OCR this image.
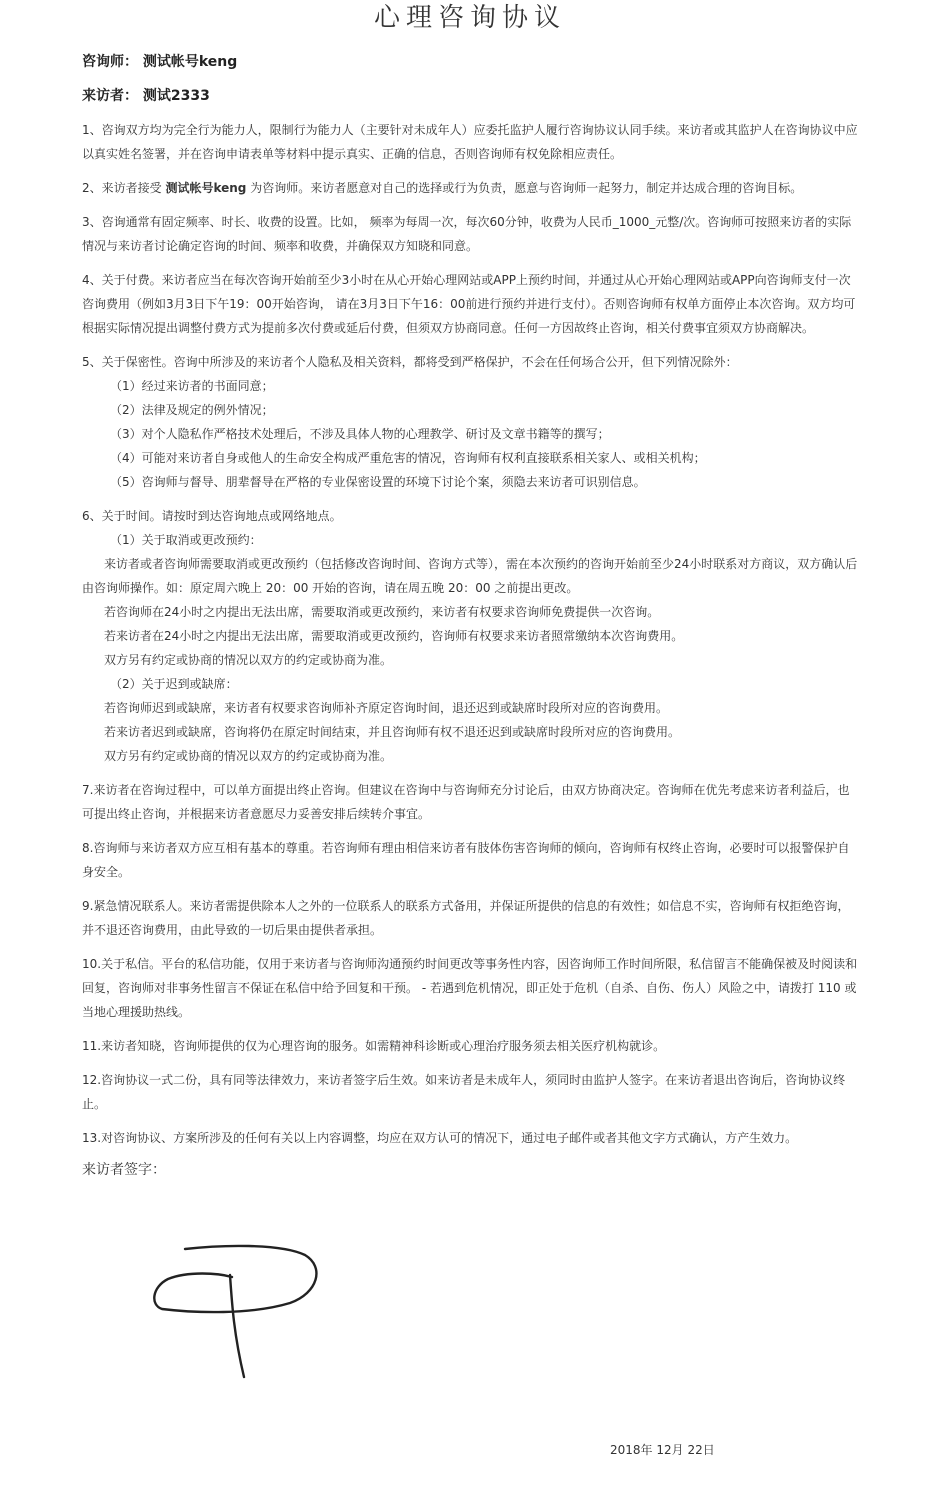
心理咨询协议
咨询师： 测试帐号keng
来访者： 测试2333

1、咨询双方均为完全行为能力人，限制行为能力人（主要针对未成年人）应委托监护人履行咨询协议认同手续。来访者或其监护人在咨询协议中应以真实姓名签署，并在咨询申请表单等材料中提示真实、正确的信息，否则咨询师有权免除相应责任。

2、来访者接受 测试帐号keng 为咨询师。来访者愿意对自己的选择或行为负责，愿意与咨询师一起努力，制定并达成合理的咨询目标。

3、咨询通常有固定频率、时长、收费的设置。比如， 频率为每周一次，每次60分钟，收费为人民币_1000_元整/次。咨询师可按照来访者的实际情况与来访者讨论确定咨询的时间、频率和收费，并确保双方知晓和同意。

4、关于付费。来访者应当在每次咨询开始前至少3小时在从心开始心理网站或APP上预约时间，并通过从心开始心理网站或APP向咨询师支付一次咨询费用（例如3月3日下午19：00开始咨询， 请在3月3日下午16：00前进行预约并进行支付）。否则咨询师有权单方面停止本次咨询。双方均可根据实际情况提出调整付费方式为提前多次付费或延后付费，但须双方协商同意。任何一方因故终止咨询，相关付费事宜须双方协商解决。

5、关于保密性。咨询中所涉及的来访者个人隐私及相关资料，都将受到严格保护，不会在任何场合公开，但下列情况除外：

（1）经过来访者的书面同意；

（2）法律及规定的例外情况；

（3）对个人隐私作严格技术处理后，不涉及具体人物的心理教学、研讨及文章书籍等的撰写；

（4）可能对来访者自身或他人的生命安全构成严重危害的情况，咨询师有权利直接联系相关家人、或相关机构；

（5）咨询师与督导、朋辈督导在严格的专业保密设置的环境下讨论个案，须隐去来访者可识别信息。

6、关于时间。请按时到达咨询地点或网络地点。

（1）关于取消或更改预约：

来访者或者咨询师需要取消或更改预约（包括修改咨询时间、咨询方式等），需在本次预约的咨询开始前至少24小时联系对方商议，双方确认后由咨询师操作。如：原定周六晚上 20：00 开始的咨询，请在周五晚 20：00 之前提出更改。

若咨询师在24小时之内提出无法出席，需要取消或更改预约，来访者有权要求咨询师免费提供一次咨询。

若来访者在24小时之内提出无法出席，需要取消或更改预约，咨询师有权要求来访者照常缴纳本次咨询费用。

双方另有约定或协商的情况以双方的约定或协商为准。

（2）关于迟到或缺席：

若咨询师迟到或缺席，来访者有权要求咨询师补齐原定咨询时间，退还迟到或缺席时段所对应的咨询费用。

若来访者迟到或缺席，咨询将仍在原定时间结束，并且咨询师有权不退还迟到或缺席时段所对应的咨询费用。

双方另有约定或协商的情况以双方的约定或协商为准。

7.来访者在咨询过程中，可以单方面提出终止咨询。但建议在咨询中与咨询师充分讨论后，由双方协商决定。咨询师在优先考虑来访者利益后，也可提出终止咨询，并根据来访者意愿尽力妥善安排后续转介事宜。

8.咨询师与来访者双方应互相有基本的尊重。若咨询师有理由相信来访者有肢体伤害咨询师的倾向，咨询师有权终止咨询，必要时可以报警保护自身安全。

9.紧急情况联系人。来访者需提供除本人之外的一位联系人的联系方式备用，并保证所提供的信息的有效性；如信息不实，咨询师有权拒绝咨询，并不退还咨询费用，由此导致的一切后果由提供者承担。

10.关于私信。平台的私信功能，仅用于来访者与咨询师沟通预约时间更改等事务性内容，因咨询师工作时间所限，私信留言不能确保被及时阅读和回复，咨询师对非事务性留言不保证在私信中给予回复和干预。 - 若遇到危机情况，即正处于危机（自杀、自伤、伤人）风险之中，请拨打 110 或当地心理援助热线。

11.来访者知晓，咨询师提供的仅为心理咨询的服务。如需精神科诊断或心理治疗服务须去相关医疗机构就诊。

12.咨询协议一式二份，具有同等法律效力，来访者签字后生效。如来访者是未成年人，须同时由监护人签字。在来访者退出咨询后，咨询协议终止。

13.对咨询协议、方案所涉及的任何有关以上内容调整，均应在双方认可的情况下，通过电子邮件或者其他文字方式确认，方产生效力。

来访者签字：
2018年 12月 22日
